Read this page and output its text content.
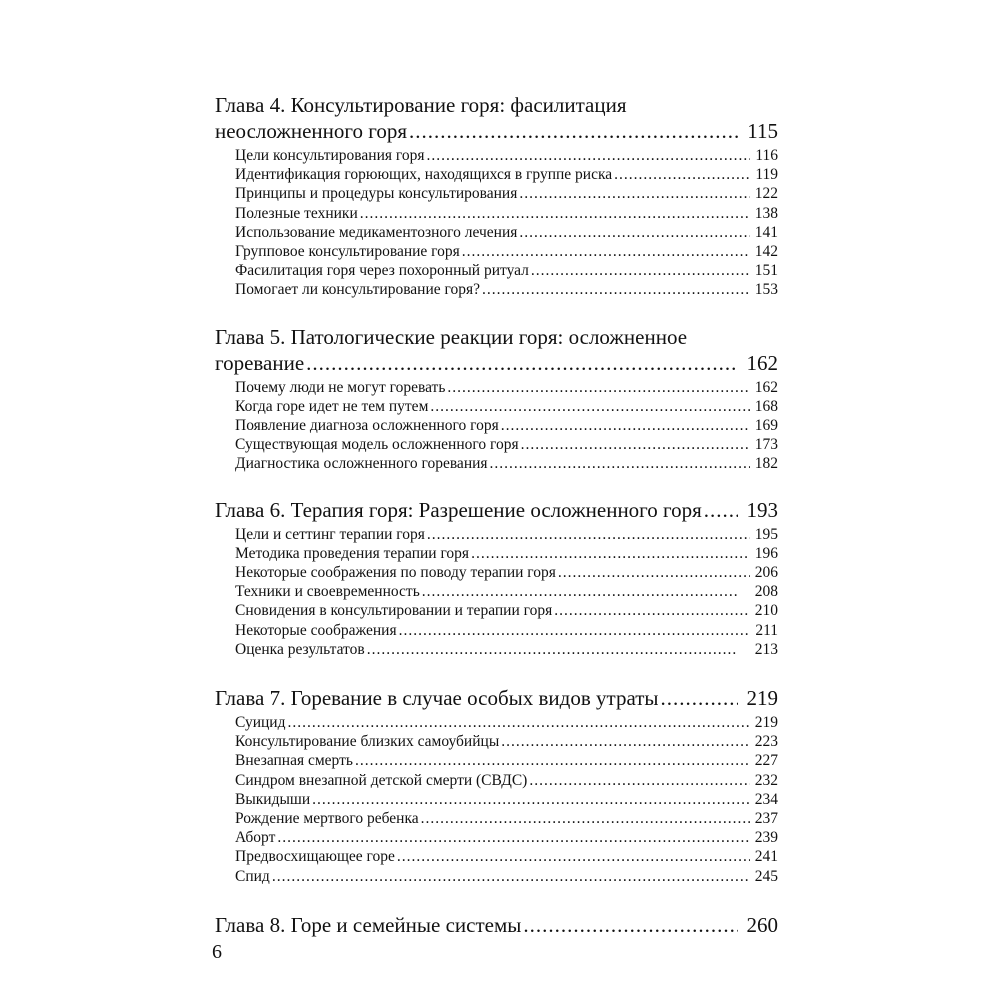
Глава 4. Консультирование горя: фасилитация
неосложненного горя .....	115
Цели консультирования горя .....	116
Идентификация горюющих, находящихся в группе риска .....	119
Принципы и процедуры консультирования .....	122
Полезные техники .....	138
Использование медикаментозного лечения .....	141
Групповое консультирование горя .....	142
Фасилитация горя через похоронный ритуал .....	151
Помогает ли консультирование горя? .....	153
Глава 5. Патологические реакции горя: осложненное
горевание .....	162
Почему люди не могут горевать .....	162
Когда горе идет не тем путем .....	168
Появление диагноза осложненного горя .....	169
Существующая модель осложненного горя .....	173
Диагностика осложненного горевания .....	182
Глава 6. Терапия горя: Разрешение осложненного горя .....	193
Цели и сеттинг терапии горя .....	195
Методика проведения терапии горя .....	196
Некоторые соображения по поводу терапии горя .....	206
Техники и своевременность .....	208
Сновидения в консультировании и терапии горя .....	210
Некоторые соображения .....	211
Оценка результатов .....	213
Глава 7. Горевание в случае особых видов утраты .....	219
Суицид .....	219
Консультирование близких самоубийцы .....	223
Внезапная смерть .....	227
Синдром внезапной детской смерти (СВДС) .....	232
Выкидыши .....	234
Рождение мертвого ребенка .....	237
Аборт .....	239
Предвосхищающее горе .....	241
Спид .....	245
Глава 8. Горе и семейные системы .....	260
6
